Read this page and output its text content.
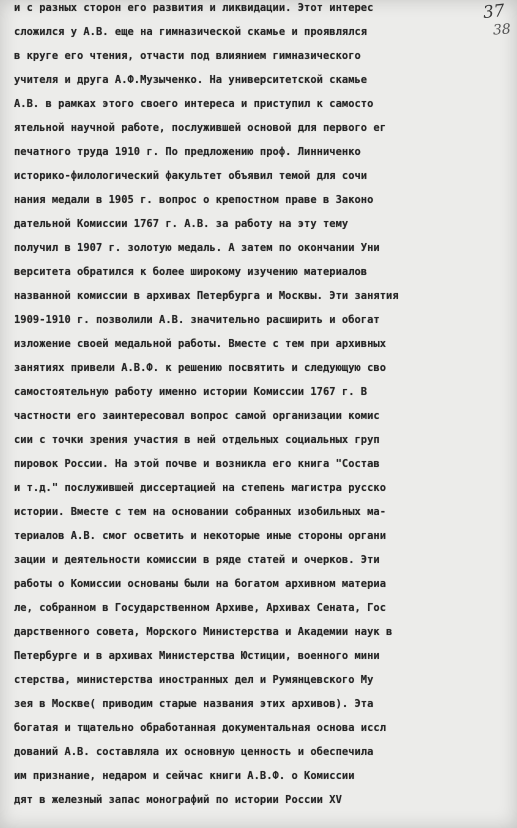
37
38
и с разных сторон его развития и ликвидации. Этот интерес
сложился у А.В. еще на гимназической скамье и проявлялся
в круге его чтения, отчасти под влиянием гимназического
учителя и друга А.Ф.Музыченко. На университетской скамье
А.В. в рамках этого своего интереса и приступил к самосто
ятельной научной работе, послужившей основой для первого ег
печатного труда 1910 г. По предложению проф. Линниченко
историко-филологический факультет объявил темой для сочи
нания медали в 1905 г. вопрос о крепостном праве в Законо
дательной Комиссии 1767 г. А.В. за работу на эту тему
получил в 1907 г. золотую медаль. А затем по окончании Уни
верситета обратился к более широкому изучению материалов
названной комиссии в архивах Петербурга и Москвы. Эти занятия
1909-1910 г. позволили А.В. значительно расширить и обогат
изложение своей медальной работы. Вместе с тем при архивных
занятиях привели А.В.Ф. к решению посвятить и следующую сво
самостоятельную работу именно истории Комиссии 1767 г. В
частности его заинтересовал вопрос самой организации комис
сии с точки зрения участия в ней отдельных социальных груп
пировок России. На этой почве и возникла его книга "Состав
и т.д." послужившей диссертацией на степень магистра русско
истории. Вместе с тем на основании собранных изобильных ма-
териалов А.В. смог осветить и некоторые иные стороны органи
зации и деятельности комиссии в ряде статей и очерков. Эти
работы о Комиссии основаны были на богатом архивном материа
ле, собранном в Государственном Архиве, Архивах Сената, Гос
дарственного совета, Морского Министерства и Академии наук в
Петербурге и в архивах Министерства Юстиции, военного мини
стерства, министерства иностранных дел и Румянцевского Му
зея в Москве( приводим старые названия этих архивов). Эта
богатая и тщательно обработанная документальная основа иссл
дований А.В. составляла их основную ценность и обеспечила
им признание, недаром и сейчас книги А.В.Ф. о Комиссии
дят в железный запас монографий по истории России XV
